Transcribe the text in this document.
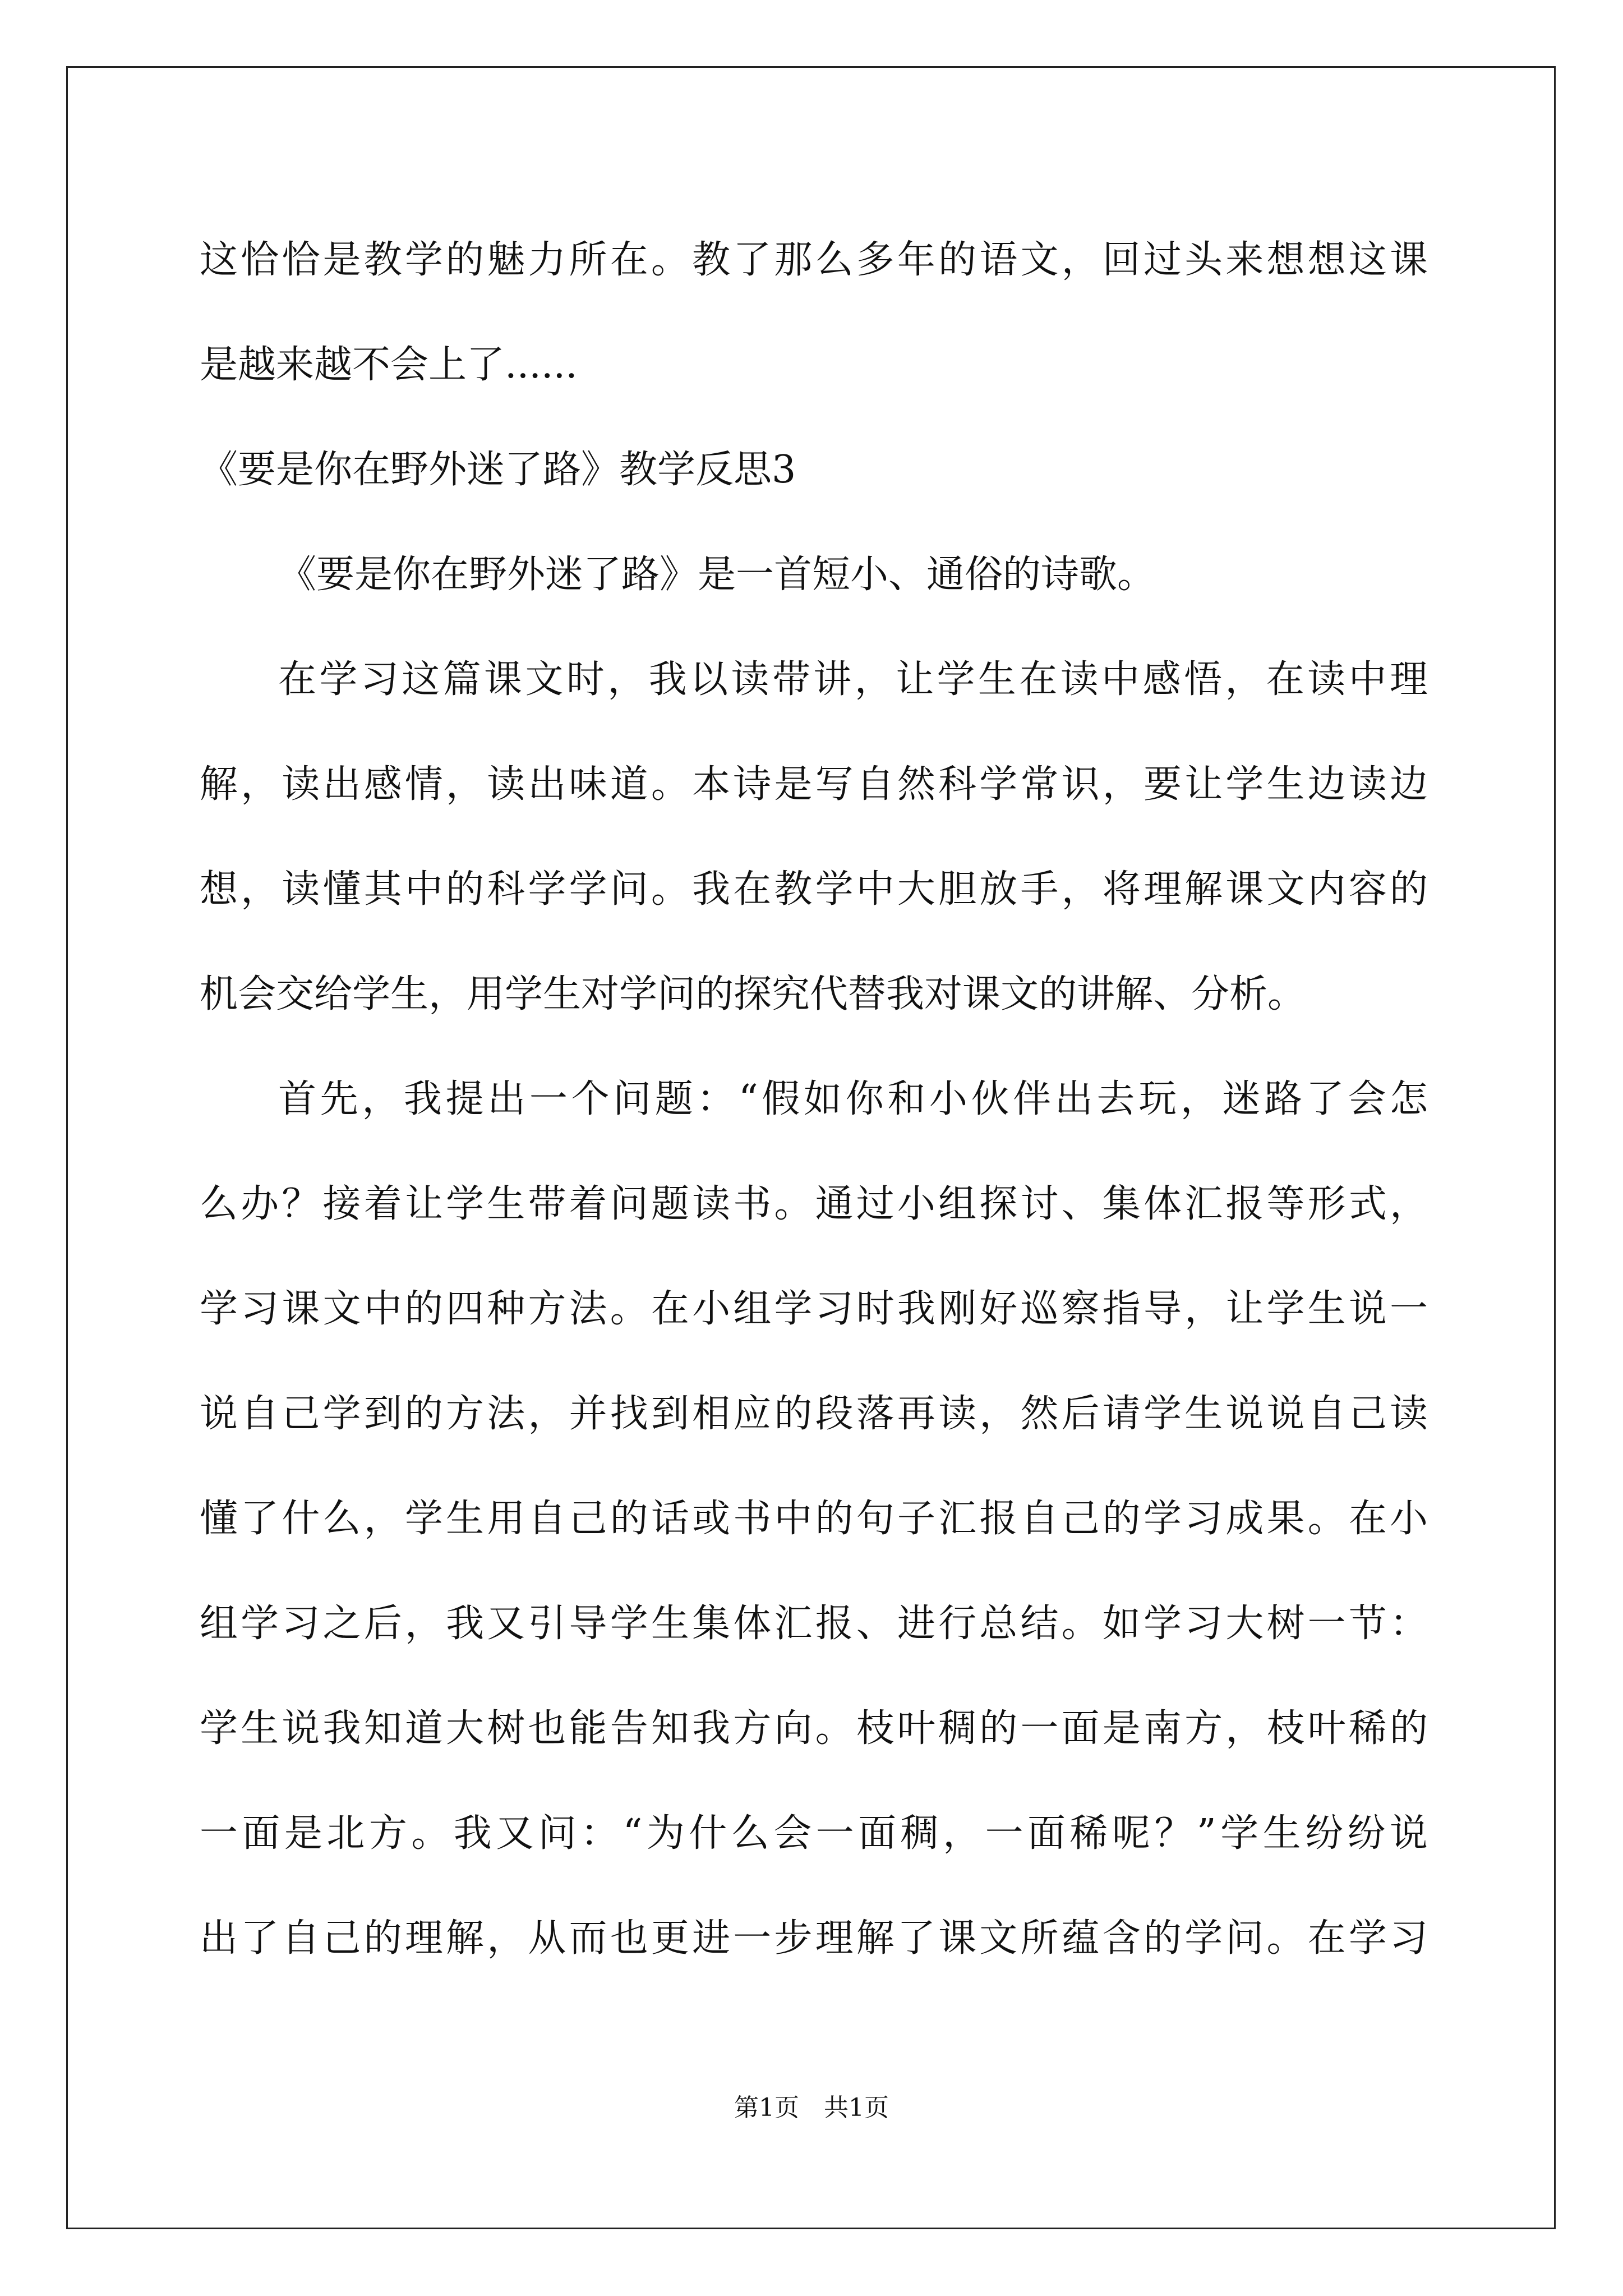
这恰恰是教学的魅力所在。教了那么多年的语文，回过头来想想这课
是越来越不会上了......
《要是你在野外迷了路》教学反思3
《要是你在野外迷了路》是一首短小、通俗的诗歌。
在学习这篇课文时，我以读带讲，让学生在读中感悟，在读中理
解，读出感情，读出味道。本诗是写自然科学常识，要让学生边读边
想，读懂其中的科学学问。我在教学中大胆放手，将理解课文内容的
机会交给学生，用学生对学问的探究代替我对课文的讲解、分析。
首先，我提出一个问题：“假如你和小伙伴出去玩，迷路了会怎
么办？接着让学生带着问题读书。通过小组探讨、集体汇报等形式，
学习课文中的四种方法。在小组学习时我刚好巡察指导，让学生说一
说自己学到的方法，并找到相应的段落再读，然后请学生说说自己读
懂了什么，学生用自己的话或书中的句子汇报自己的学习成果。在小
组学习之后，我又引导学生集体汇报、进行总结。如学习大树一节：
学生说我知道大树也能告知我方向。枝叶稠的一面是南方，枝叶稀的
一面是北方。我又问：“为什么会一面稠，一面稀呢？”学生纷纷说
出了自己的理解，从而也更进一步理解了课文所蕴含的学问。在学习
第1页　共1页
